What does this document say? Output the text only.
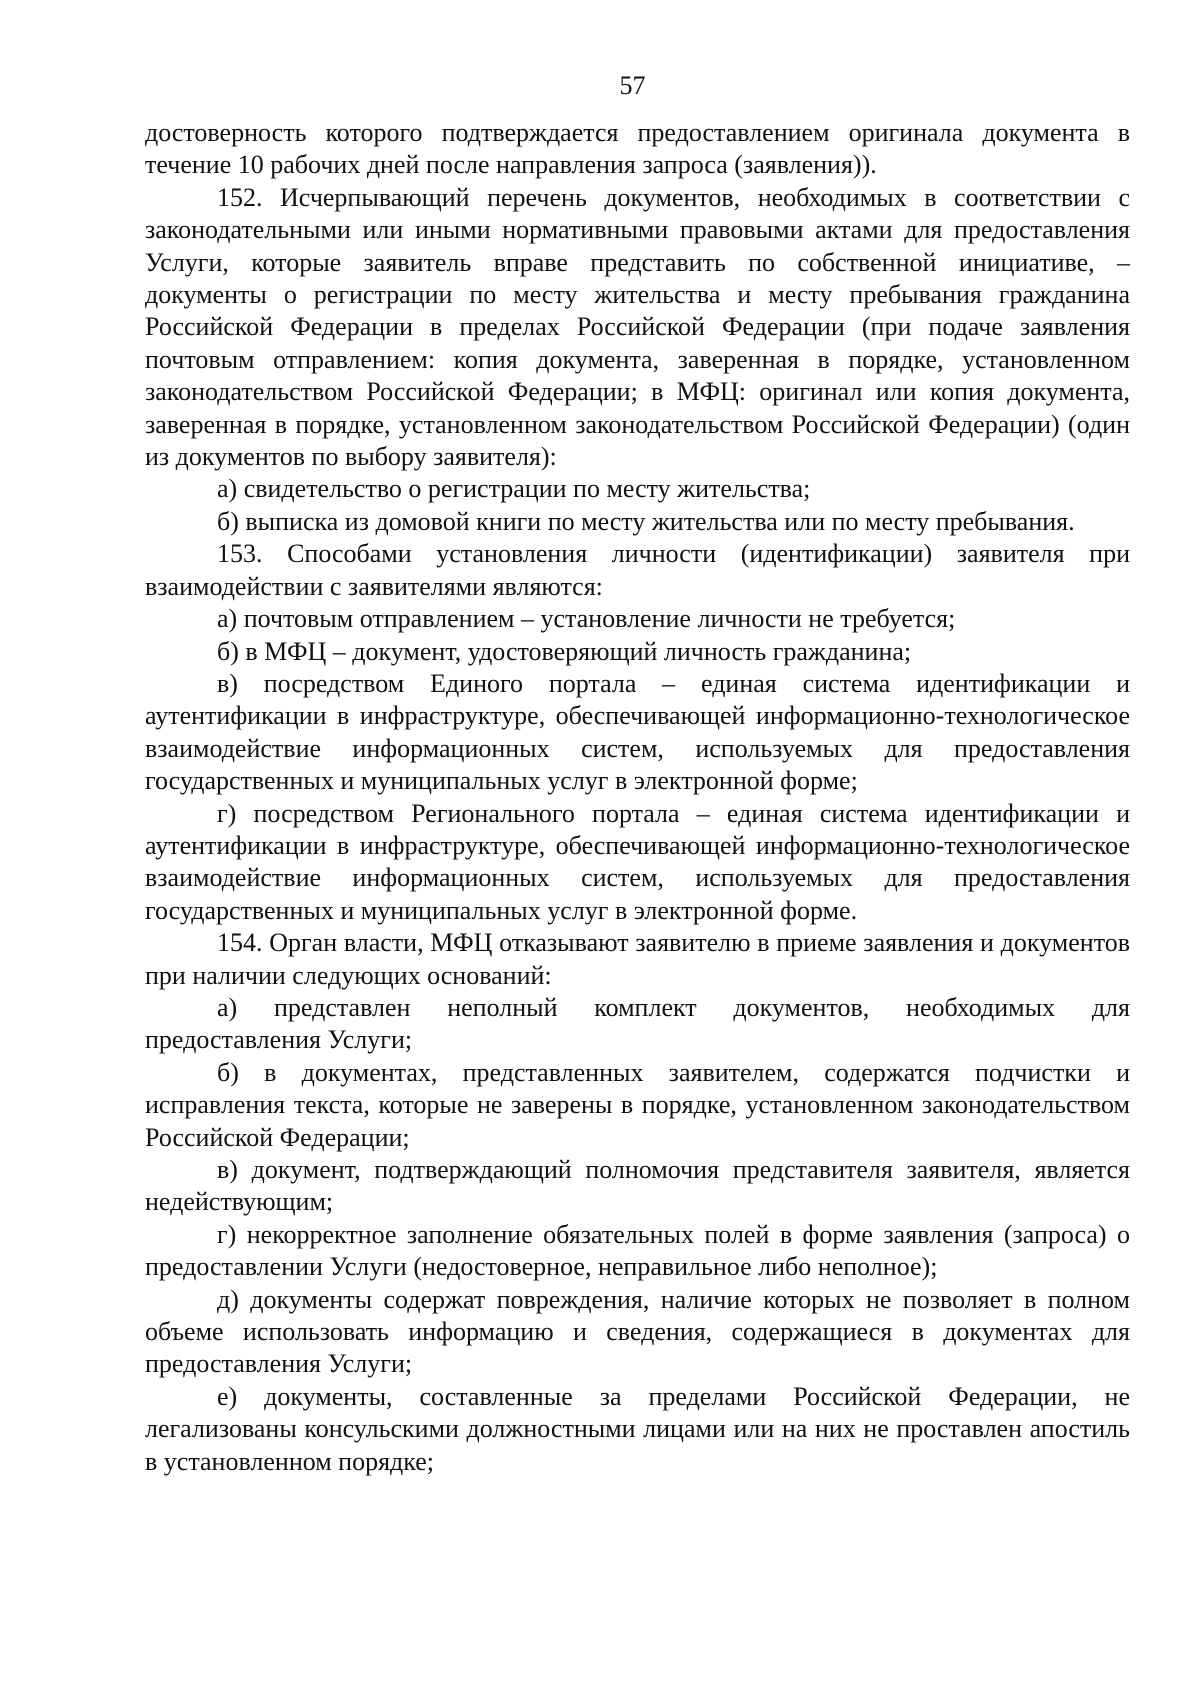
57

достоверность которого подтверждается предоставлением оригинала документа в течение 10 рабочих дней после направления запроса (заявления)).

152. Исчерпывающий перечень документов, необходимых в соответствии с законодательными или иными нормативными правовыми актами для предоставления Услуги, которые заявитель вправе представить по собственной инициативе, – документы о регистрации по месту жительства и месту пребывания гражданина Российской Федерации в пределах Российской Федерации (при подаче заявления почтовым отправлением: копия документа, заверенная в порядке, установленном законодательством Российской Федерации; в МФЦ: оригинал или копия документа, заверенная в порядке, установленном законодательством Российской Федерации) (один из документов по выбору заявителя):

а) свидетельство о регистрации по месту жительства;

б) выписка из домовой книги по месту жительства или по месту пребывания.

153. Способами установления личности (идентификации) заявителя при взаимодействии с заявителями являются:

а) почтовым отправлением – установление личности не требуется;

б) в МФЦ – документ, удостоверяющий личность гражданина;

в) посредством Единого портала – единая система идентификации и аутентификации в инфраструктуре, обеспечивающей информационно-технологическое взаимодействие информационных систем, используемых для предоставления государственных и муниципальных услуг в электронной форме;

г) посредством Регионального портала – единая система идентификации и аутентификации в инфраструктуре, обеспечивающей информационно-технологическое взаимодействие информационных систем, используемых для предоставления государственных и муниципальных услуг в электронной форме.

154. Орган власти, МФЦ отказывают заявителю в приеме заявления и документов при наличии следующих оснований:

а) представлен неполный комплект документов, необходимых для предоставления Услуги;

б) в документах, представленных заявителем, содержатся подчистки и исправления текста, которые не заверены в порядке, установленном законодательством Российской Федерации;

в) документ, подтверждающий полномочия представителя заявителя, является недействующим;

г) некорректное заполнение обязательных полей в форме заявления (запроса) о предоставлении Услуги (недостоверное, неправильное либо неполное);

д) документы содержат повреждения, наличие которых не позволяет в полном объеме использовать информацию и сведения, содержащиеся в документах для предоставления Услуги;

е) документы, составленные за пределами Российской Федерации, не легализованы консульскими должностными лицами или на них не проставлен апостиль в установленном порядке;
